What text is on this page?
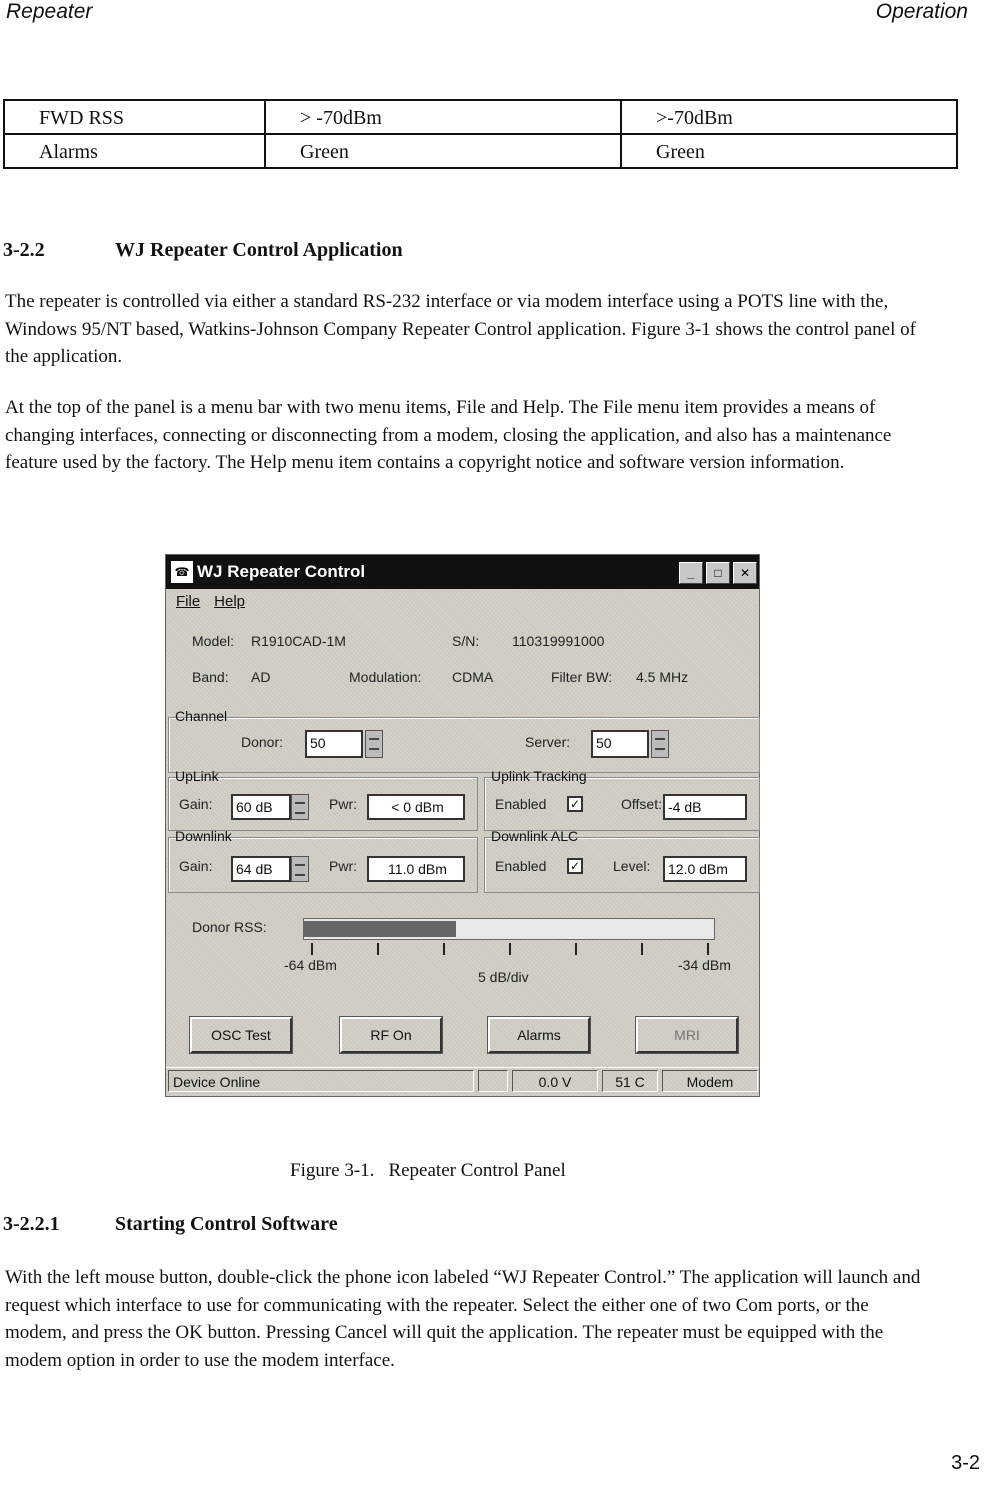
Repeater	Operation
FWD RSS	> -70dBm	>-70dBm
Alarms	Green	Green
3-2.2	WJ Repeater Control Application
The repeater is controlled via either a standard RS-232 interface or via modem interface using a POTS line with the, Windows 95/NT based, Watkins-Johnson Company Repeater Control application. Figure 3-1 shows the control panel of the application.
At the top of the panel is a menu bar with two menu items, File and Help. The File menu item provides a means of changing interfaces, connecting or disconnecting from a modem, closing the application, and also has a maintenance feature used by the factory. The Help menu item contains a copyright notice and software version information.
☎ WJ Repeater Control	_	□	✕
File Help
Model: R1910CAD-1M	S/N: 110319991000
Band: AD	Modulation: CDMA	Filter BW: 4.5 MHz
Channel
Donor:	50	Server:	50
UpLink
Gain:	60 dB	Pwr:	< 0 dBm
Uplink Tracking
Enabled ✓	Offset: -4 dB
Downlink
Gain:	64 dB	Pwr:	11.0 dBm
Downlink ALC
Enabled ✓ Level:	12.0 dBm
Donor RSS:
-64 dBm
5 dB/div
-34 dBm
OSC Test	RF On	Alarms	MRI
Device Online	0.0 V	51 C	Modem
Figure 3-1. Repeater Control Panel
3-2.2.1	Starting Control Software
With the left mouse button, double-click the phone icon labeled “WJ Repeater Control.” The application will launch and request which interface to use for communicating with the repeater. Select the either one of two Com ports, or the modem, and press the OK button. Pressing Cancel will quit the application. The repeater must be equipped with the modem option in order to use the modem interface.
3-2
